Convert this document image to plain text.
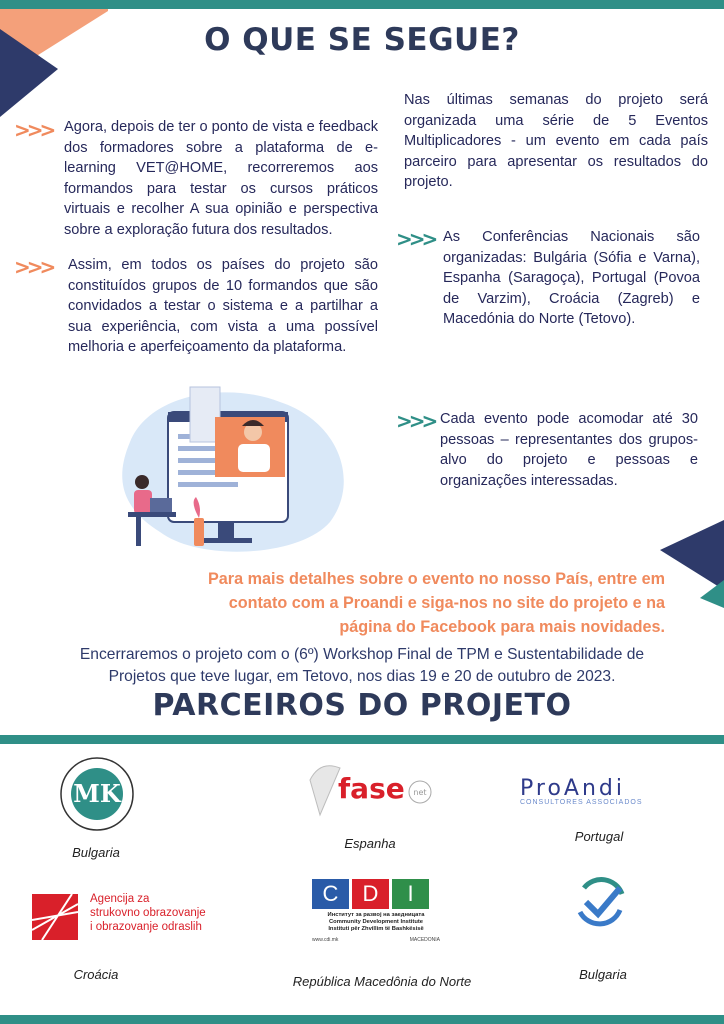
O QUE SE SEGUE?
>>> Agora, depois de ter o ponto de vista e feedback dos formadores sobre a plataforma de e-learning VET@HOME, recorreremos aos formandos para testar os cursos práticos virtuais e recolher A sua opinião e perspectiva sobre a exploração futura dos resultados.
>>> Assim, em todos os países do projeto são constituídos grupos de 10 formandos que são convidados a testar o sistema e a partilhar a sua experiência, com vista a uma possível melhoria e aperfeiçoamento da plataforma.
Nas últimas semanas do projeto será organizada uma série de 5 Eventos Multiplicadores - um evento em cada país parceiro para apresentar os resultados do projeto.
>>> As Conferências Nacionais são organizadas: Bulgária (Sófia e Varna), Espanha (Saragoça), Portugal (Povoa de Varzim), Croácia (Zagreb) e Macedónia do Norte (Tetovo).
>>> Cada evento pode acomodar até 30 pessoas – representantes dos grupos-alvo do projeto e pessoas e organizações interessadas.
Para mais detalhes sobre o evento no nosso País, entre em
contato com a Proandi e siga-nos no site do projeto e na
página do Facebook para mais novidades.
Encerraremos o projeto com o (6º) Workshop Final de TPM e Sustentabilidade de
Projetos que teve lugar, em Tetovo, nos dias 19 e 20 de outubro de 2023.
PARCEIROS DO PROJETO
MK
Bulgaria
fase net
Espanha
ProAndi
CONSULTORES ASSOCIADOS
Portugal
Agencija za
strukovno obrazovanje
i obrazovanje odraslih
Croácia
C	D	I
Институт за развој на заедницата
Community Development Institute
Instituti për Zhvillim të Bashkësisë
www.cdi.mk	MACEDONIA
República Macedônia do Norte	Bulgaria
